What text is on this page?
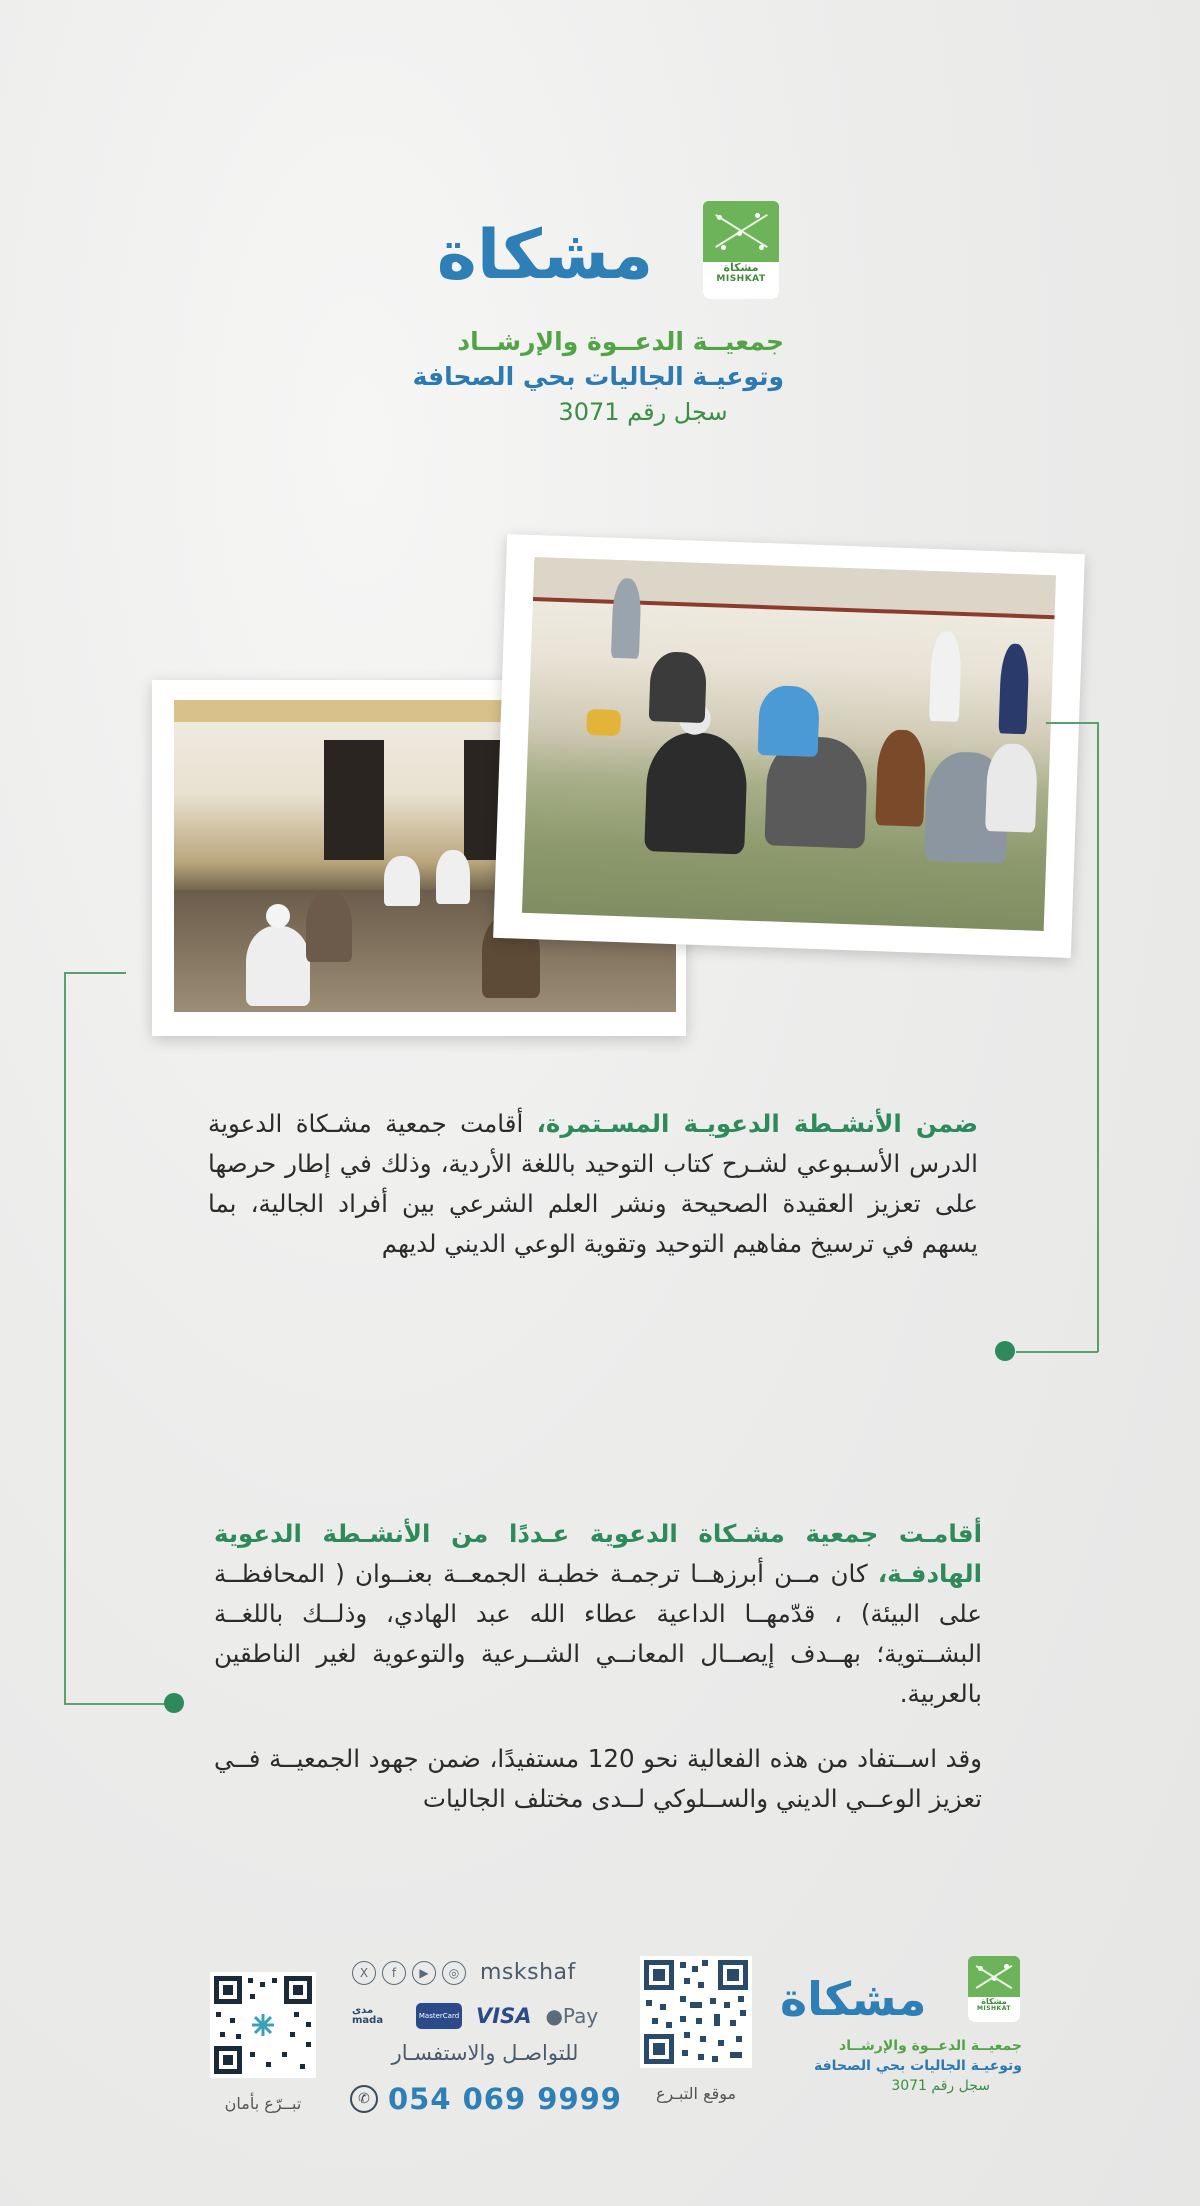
مشكاة	مشكاة
MISHKAT
جمعيــة الدعــوة والإرشــاد
وتوعيـة الجاليات بحي الصحافة
سجل رقم 3071
ضمن الأنشـطة الدعويـة المسـتمرة، أقامت جمعية مشـكاة الدعوية الدرس الأسـبوعي لشـرح كتاب التوحيد باللغة الأردية، وذلك في إطار حرصها على تعزيز العقيدة الصحيحة ونشر العلم الشرعي بين أفراد الجالية، بما يسهم في ترسيخ مفاهيم التوحيد وتقوية الوعي الديني لديهم
أقامـت جمعية مشـكاة الدعوية عـددًا من الأنشـطة الدعوية الهادفـة، كان مــن أبرزهــا ترجمـة خطبـة الجمعــة بعنــوان ( المحافظــة على البيئة) ، قدّمهــا الداعية عطاء الله عبد الهادي، وذلــك باللغــة البشــتوية؛ بهــدف إيصــال المعانــي الشــرعية والتوعوية لغير الناطقين بالعربية.
وقد اســتفاد من هذه الفعالية نحو 120 مستفيدًا، ضمن جهود الجمعيــة فــي تعزيز الوعــي الديني والســلوكي لــدى مختلف الجاليات
مشكاة	مشكاة
MISHKAT
جمعيــة الدعــوة والإرشــاد
وتوعيـة الجاليات بحي الصحافة
سجل رقم 3071
موقع التبـرع
X	f	▶	◎ mskshaf
مدى mada	MasterCard VISA ●Pay
للتواصـل والاستفسـار
✆ 054 069 9999
تبــرّع بأمان
